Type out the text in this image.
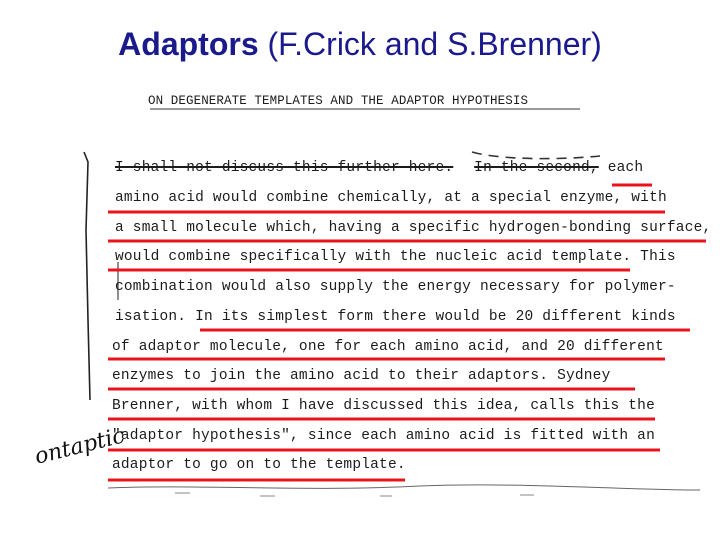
Adaptors (F.Crick and S.Brenner)
ON DEGENERATE TEMPLATES AND THE ADAPTOR HYPOTHESIS
I shall not discuss this further here. In the second, each
amino acid would combine chemically, at a special enzyme, with
a small molecule which, having a specific hydrogen-bonding surface,
would combine specifically with the nucleic acid template. This
combination would also supply the energy necessary for polymer-
isation. In its simplest form there would be 20 different kinds
of adaptor molecule, one for each amino acid, and 20 different
enzymes to join the amino acid to their adaptors. Sydney
Brenner, with whom I have discussed this idea, calls this the
"adaptor hypothesis", since each amino acid is fitted with an
adaptor to go on to the template.
ontaptic
